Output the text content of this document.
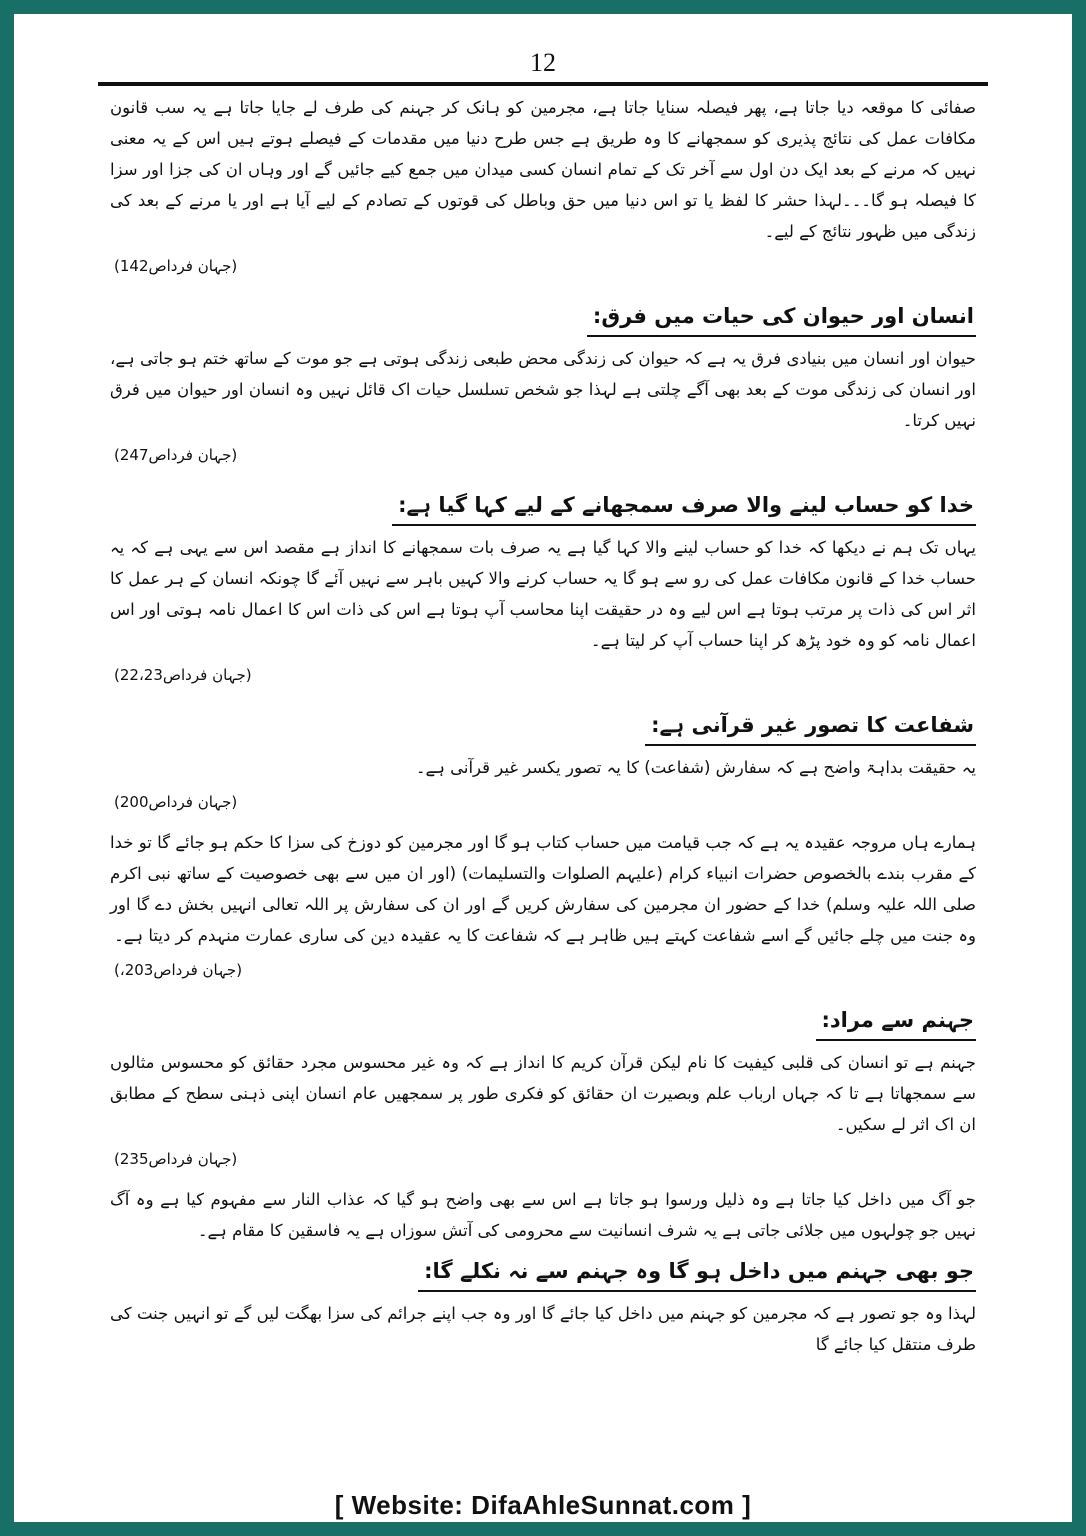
12

صفائی کا موقعہ دیا جاتا ہے، پھر فیصلہ سنایا جاتا ہے، مجرمین کو ہانک کر جہنم کی طرف لے جایا جاتا ہے یہ سب قانون مکافات عمل کی نتائج پذیری کو سمجھانے کا وہ طریق ہے جس طرح دنیا میں مقدمات کے فیصلے ہوتے ہیں اس کے یہ معنی نہیں کہ مرنے کے بعد ایک دن اول سے آخر تک کے تمام انسان کسی میدان میں جمع کیے جائیں گے اور وہاں ان کی جزا اور سزا کا فیصلہ ہو گا۔۔۔لہذا حشر کا لفظ یا تو اس دنیا میں حق وباطل کی قوتوں کے تصادم کے لیے آیا ہے اور یا مرنے کے بعد کی زندگی میں ظہور نتائج کے لیے۔

(جہان فرداص142)
انسان اور حیوان کی حیات میں فرق:

حیوان اور انسان میں بنیادی فرق یہ ہے کہ حیوان کی زندگی محض طبعی زندگی ہوتی ہے جو موت کے ساتھ ختم ہو جاتی ہے، اور انسان کی زندگی موت کے بعد بھی آگے چلتی ہے لہذا جو شخص تسلسل حیات اک قائل نہیں وہ انسان اور حیوان میں فرق نہیں کرتا۔

(جہان فرداص247)
خدا کو حساب لینے والا صرف سمجھانے کے لیے کہا گیا ہے:

یہاں تک ہم نے دیکھا کہ خدا کو حساب لینے والا کہا گیا ہے یہ صرف بات سمجھانے کا انداز ہے مقصد اس سے یہی ہے کہ یہ حساب خدا کے قانون مکافات عمل کی رو سے ہو گا یہ حساب کرنے والا کہیں باہر سے نہیں آئے گا چونکہ انسان کے ہر عمل کا اثر اس کی ذات پر مرتب ہوتا ہے اس لیے وہ در حقیقت اپنا محاسب آپ ہوتا ہے اس کی ذات اس کا اعمال نامہ ہوتی اور اس اعمال نامہ کو وہ خود پڑھ کر اپنا حساب آپ کر لیتا ہے۔

(جہان فرداص22،23)
شفاعت کا تصور غیر قرآنی ہے:

یہ حقیقت بداہۃ واضح ہے کہ سفارش (شفاعت) کا یہ تصور یکسر غیر قرآنی ہے۔

(جہان فرداص200)

ہمارے ہاں مروجہ عقیدہ یہ ہے کہ جب قیامت میں حساب کتاب ہو گا اور مجرمین کو دوزخ کی سزا کا حکم ہو جائے گا تو خدا کے مقرب بندے بالخصوص حضرات انبیاء کرام (علیہم الصلوات والتسلیمات) (اور ان میں سے بھی خصوصیت کے ساتھ نبی اکرم صلی اللہ علیہ وسلم) خدا کے حضور ان مجرمین کی سفارش کریں گے اور ان کی سفارش پر اللہ تعالی انہیں بخش دے گا اور وہ جنت میں چلے جائیں گے اسے شفاعت کہتے ہیں ظاہر ہے کہ شفاعت کا یہ عقیدہ دین کی ساری عمارت منہدم کر دیتا ہے۔

(جہان فرداص203،)
جہنم سے مراد:

جہنم ہے تو انسان کی قلبی کیفیت کا نام لیکن قرآن کریم کا انداز ہے کہ وہ غیر محسوس مجرد حقائق کو محسوس مثالوں سے سمجھاتا ہے تا کہ جہاں ارباب علم وبصیرت ان حقائق کو فکری طور پر سمجھیں عام انسان اپنی ذہنی سطح کے مطابق ان اک اثر لے سکیں۔

(جہان فرداص235)

جو آگ میں داخل کیا جاتا ہے وہ ذلیل ورسوا ہو جاتا ہے اس سے بھی واضح ہو گیا کہ عذاب النار سے مفہوم کیا ہے وہ آگ نہیں جو چولہوں میں جلائی جاتی ہے یہ شرف انسانیت سے محرومی کی آتش سوزاں ہے یہ فاسقین کا مقام ہے۔

جو بھی جہنم میں داخل ہو گا وہ جہنم سے نہ نکلے گا:

لہذا وہ جو تصور ہے کہ مجرمین کو جہنم میں داخل کیا جائے گا اور وہ جب اپنے جرائم کی سزا بھگت لیں گے تو انہیں جنت کی طرف منتقل کیا جائے گا

[ Website: DifaAhleSunnat.com ]
